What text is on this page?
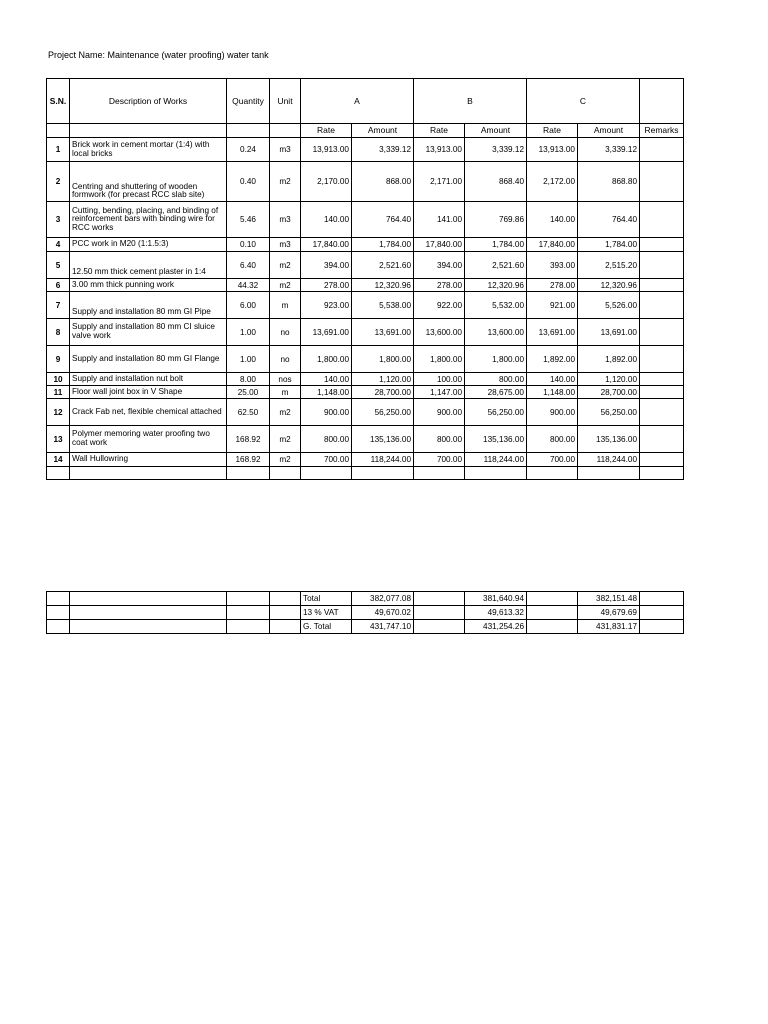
Project Name: Maintenance (water proofing) water tank
S.N.	Description of Works	Quantity	Unit	A		B		C		
				Rate	Amount	Rate	Amount	Rate	Amount	Remarks
1	Brick work in cement mortar (1:4) with local bricks	0.24	m3	13,913.00	3,339.12	13,913.00	3,339.12	13,913.00	3,339.12	
2	Centring and shuttering of wooden formwork (for precast RCC slab site)	0.40	m2	2,170.00	868.00	2,171.00	868.40	2,172.00	868.80	
3	Cutting, bending, placing, and binding of reinforcement bars with binding wire for RCC works	5.46	m3	140.00	764.40	141.00	769.86	140.00	764.40	
4	PCC work in M20 (1:1.5:3)	0.10	m3	17,840.00	1,784.00	17,840.00	1,784.00	17,840.00	1,784.00	
5	12.50 mm thick cement plaster in 1:4	6.40	m2	394.00	2,521.60	394.00	2,521.60	393.00	2,515.20	
6	3.00 mm thick punning work	44.32	m2	278.00	12,320.96	278.00	12,320.96	278.00	12,320.96	
7	Supply and installation 80 mm GI Pipe	6.00	m	923.00	5,538.00	922.00	5,532.00	921.00	5,526.00	
8	Supply and installation 80 mm CI sluice valve work	1.00	no	13,691.00	13,691.00	13,600.00	13,600.00	13,691.00	13,691.00	
9	Supply and installation 80 mm GI Flange	1.00	no	1,800.00	1,800.00	1,800.00	1,800.00	1,892.00	1,892.00	
10	Supply and installation nut bolt	8.00	nos	140.00	1,120.00	100.00	800.00	140.00	1,120.00	
11	Floor wall joint box in V Shape	25.00	m	1,148.00	28,700.00	1,147.00	28,675.00	1,148.00	28,700.00	
12	Crack Fab net, flexible chemical attached	62.50	m2	900.00	56,250.00	900.00	56,250.00	900.00	56,250.00	
13	Polymer memoring water proofing two coat work	168.92	m2	800.00	135,136.00	800.00	135,136.00	800.00	135,136.00	
14	Wall Hullowring	168.92	m2	700.00	118,244.00	700.00	118,244.00	700.00	118,244.00	

				Total	382,077.08		381,640.94		382,151.48	
				13 % VAT	49,670.02		49,613.32		49,679.69	
				G. Total	431,747.10		431,254.26		431,831.17	
